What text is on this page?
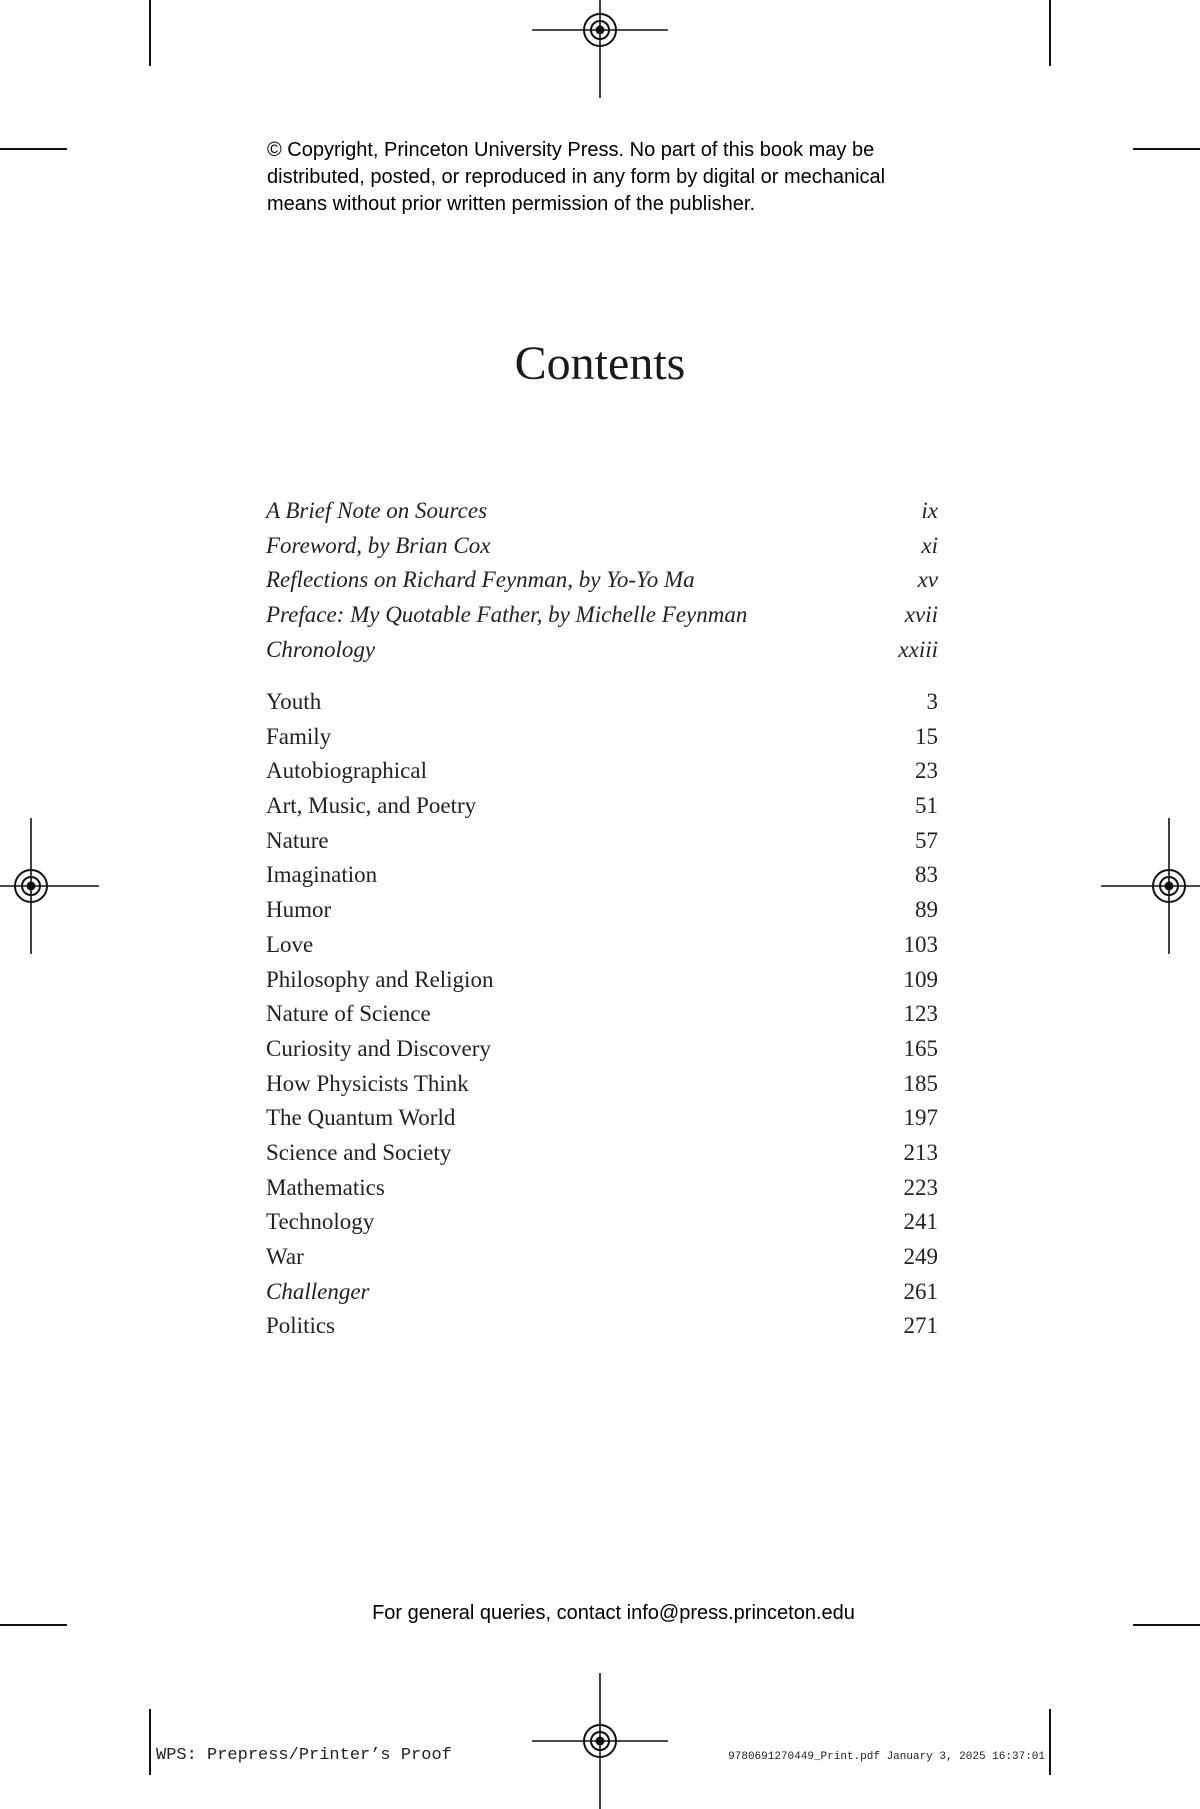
© Copyright, Princeton University Press. No part of this book may be
distributed, posted, or reproduced in any form by digital or mechanical
means without prior written permission of the publisher.
Contents
A Brief Note on Sources	ix
Foreword, by Brian Cox	xi
Reflections on Richard Feynman, by Yo-Yo Ma	xv
Preface: My Quotable Father, by Michelle Feynman	xvii
Chronology	xxiii
Youth	3
Family	15
Autobiographical	23
Art, Music, and Poetry	51
Nature	57
Imagination	83
Humor	89
Love	103
Philosophy and Religion	109
Nature of Science	123
Curiosity and Discovery	165
How Physicists Think	185
The Quantum World	197
Science and Society	213
Mathematics	223
Technology	241
War	249
Challenger	261
Politics	271
For general queries, contact info@press.princeton.edu
WPS: Prepress/Printer’s Proof	9780691270449_Print.pdf January 3, 2025 16:37:01
